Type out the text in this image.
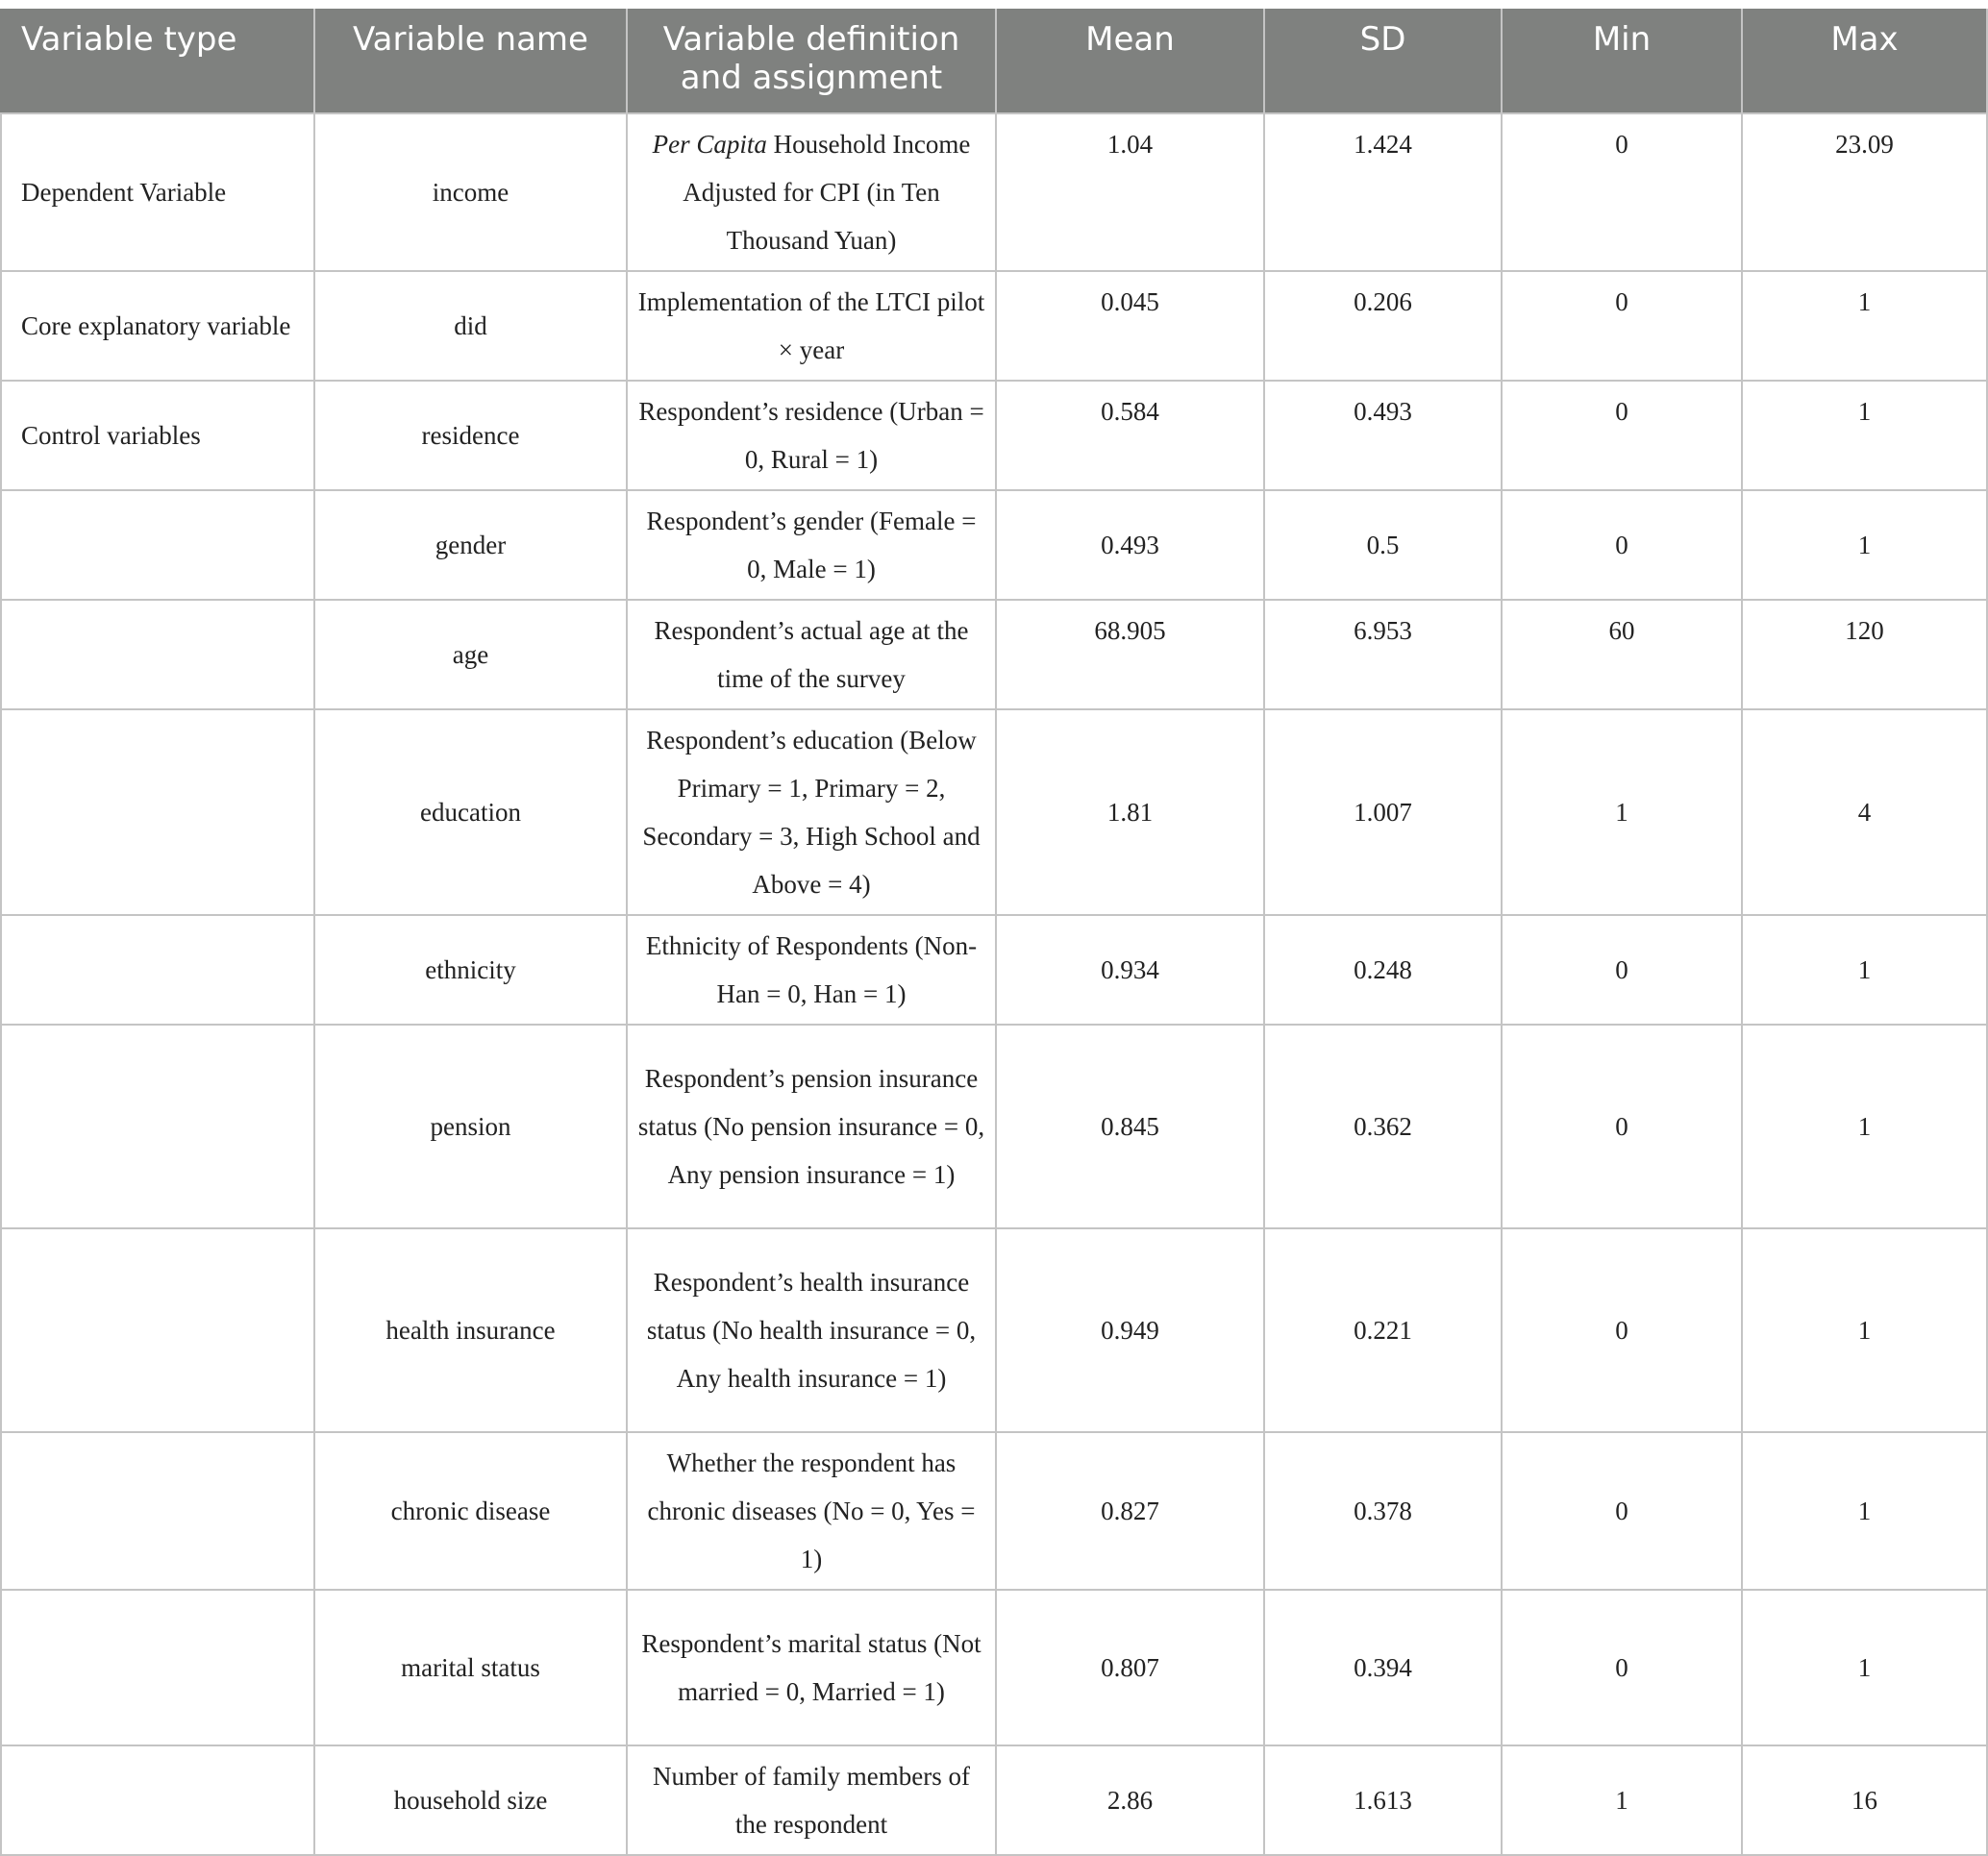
Variable type	Variable name	Variable definition and assignment	Mean	SD	Min	Max
Dependent Variable	income	Per Capita Household Income Adjusted for CPI (in Ten Thousand Yuan)	1.04	1.424	0	23.09
Core explanatory variable	did	Implementation of the LTCI pilot × year	0.045	0.206	0	1
Control variables	residence	Respondent’s residence (Urban = 0, Rural = 1)	0.584	0.493	0	1
	gender	Respondent’s gender (Female = 0, Male = 1)	0.493	0.5	0	1
	age	Respondent’s actual age at the time of the survey	68.905	6.953	60	120
	education	Respondent’s education (Below Primary = 1, Primary = 2, Secondary = 3, High School and Above = 4)	1.81	1.007	1	4
	ethnicity	Ethnicity of Respondents (Non-Han = 0, Han = 1)	0.934	0.248	0	1
	pension	Respondent’s pension insurance status (No pension insurance = 0, Any pension insurance = 1)	0.845	0.362	0	1
	health insurance	Respondent’s health insurance status (No health insurance = 0, Any health insurance = 1)	0.949	0.221	0	1
	chronic disease	Whether the respondent has chronic diseases (No = 0, Yes = 1)	0.827	0.378	0	1
	marital status	Respondent’s marital status (Not married = 0, Married = 1)	0.807	0.394	0	1
	household size	Number of family members of the respondent	2.86	1.613	1	16
